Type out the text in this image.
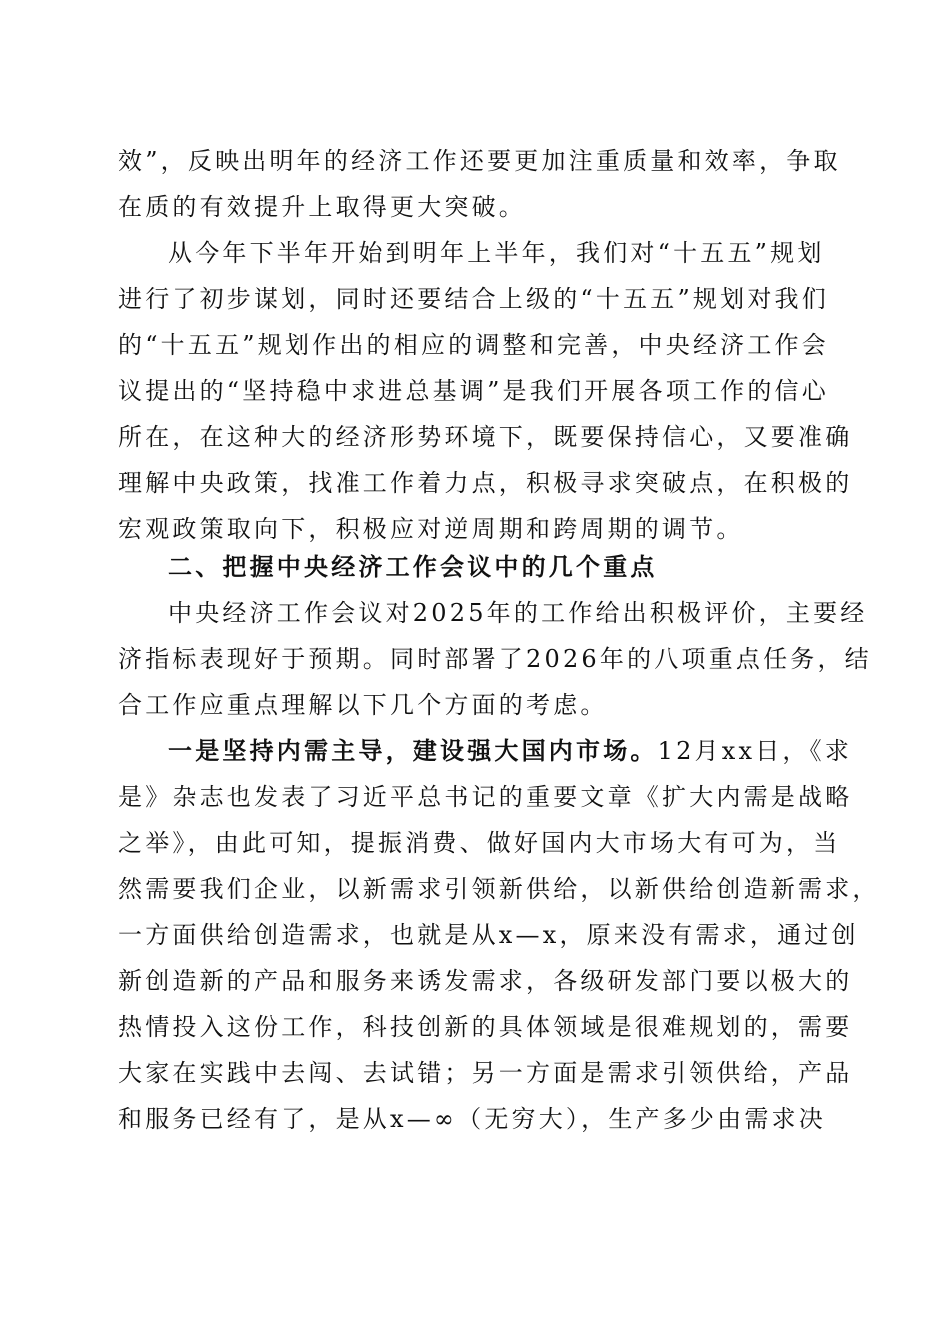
效”，反映出明年的经济工作还要更加注重质量和效率，争取
在质的有效提升上取得更大突破。
从今年下半年开始到明年上半年，我们对“十五五”规划
进行了初步谋划，同时还要结合上级的“十五五”规划对我们
的“十五五”规划作出的相应的调整和完善，中央经济工作会
议提出的“坚持稳中求进总基调”是我们开展各项工作的信心
所在，在这种大的经济形势环境下，既要保持信心，又要准确
理解中央政策，找准工作着力点，积极寻求突破点，在积极的
宏观政策取向下，积极应对逆周期和跨周期的调节。
二、把握中央经济工作会议中的几个重点
中央经济工作会议对2025年的工作给出积极评价，主要经
济指标表现好于预期。同时部署了2026年的八项重点任务，结
合工作应重点理解以下几个方面的考虑。
一是坚持内需主导，建设强大国内市场。12月xx日，《求
是》杂志也发表了习近平总书记的重要文章《扩大内需是战略
之举》，由此可知，提振消费、做好国内大市场大有可为，当
然需要我们企业，以新需求引领新供给，以新供给创造新需求，
一方面供给创造需求，也就是从x—x，原来没有需求，通过创
新创造新的产品和服务来诱发需求，各级研发部门要以极大的
热情投入这份工作，科技创新的具体领域是很难规划的，需要
大家在实践中去闯、去试错；另一方面是需求引领供给，产品
和服务已经有了，是从x—∞（无穷大），生产多少由需求决
